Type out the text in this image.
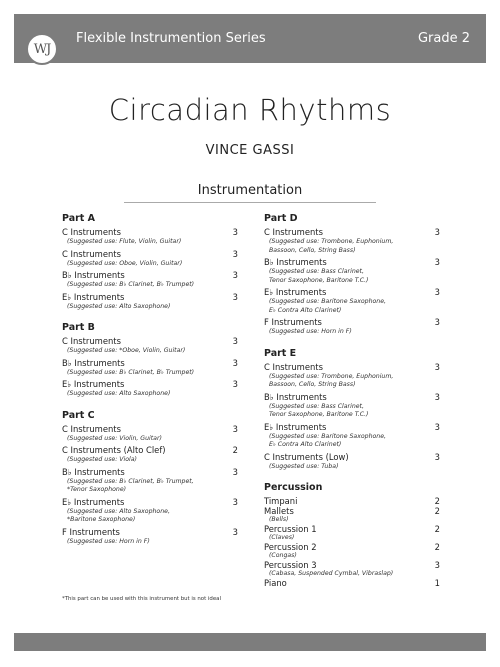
WJ
Flexible Instrumention Series	Grade 2
Circadian Rhythms
VINCE GASSI
Instrumentation
Part A
C Instruments	3
(Suggested use: Flute, Violin, Guitar)
C Instruments	3
(Suggested use: Oboe, Violin, Guitar)
B♭ Instruments	3
(Suggested use: B♭ Clarinet, B♭ Trumpet)
E♭ Instruments	3
(Suggested use: Alto Saxophone)
Part B
C Instruments	3
(Suggested use: *Oboe, Violin, Guitar)
B♭ Instruments	3
(Suggested use: B♭ Clarinet, B♭ Trumpet)
E♭ Instruments	3
(Suggested use: Alto Saxophone)
Part C
C Instruments	3
(Suggested use: Violin, Guitar)
C Instruments (Alto Clef)	2
(Suggested use: Viola)
B♭ Instruments	3
(Suggested use: B♭ Clarinet, B♭ Trumpet,
*Tenor Saxophone)
E♭ Instruments	3
(Suggested use: Alto Saxophone,
*Baritone Saxophone)
F Instruments	3
(Suggested use: Horn in F)
Part D
C Instruments	3
(Suggested use: Trombone, Euphonium,
Bassoon, Cello, String Bass)
B♭ Instruments	3
(Suggested use: Bass Clarinet,
Tenor Saxophone, Baritone T.C.)
E♭ Instruments	3
(Suggested use: Baritone Saxophone,
E♭ Contra Alto Clarinet)
F Instruments	3
(Suggested use: Horn in F)
Part E
C Instruments	3
(Suggested use: Trombone, Euphonium,
Bassoon, Cello, String Bass)
B♭ Instruments	3
(Suggested use: Bass Clarinet,
Tenor Saxophone, Baritone T.C.)
E♭ Instruments	3
(Suggested use: Baritone Saxophone,
E♭ Contra Alto Clarinet)
C Instruments (Low)	3
(Suggested use: Tuba)
Percussion
Timpani	2
Mallets	2
(Bells)
Percussion 1	2
(Claves)
Percussion 2	2
(Congas)
Percussion 3	3
(Cabasa, Suspended Cymbal, Vibraslap)
Piano	1
*This part can be used with this instrument but is not ideal
